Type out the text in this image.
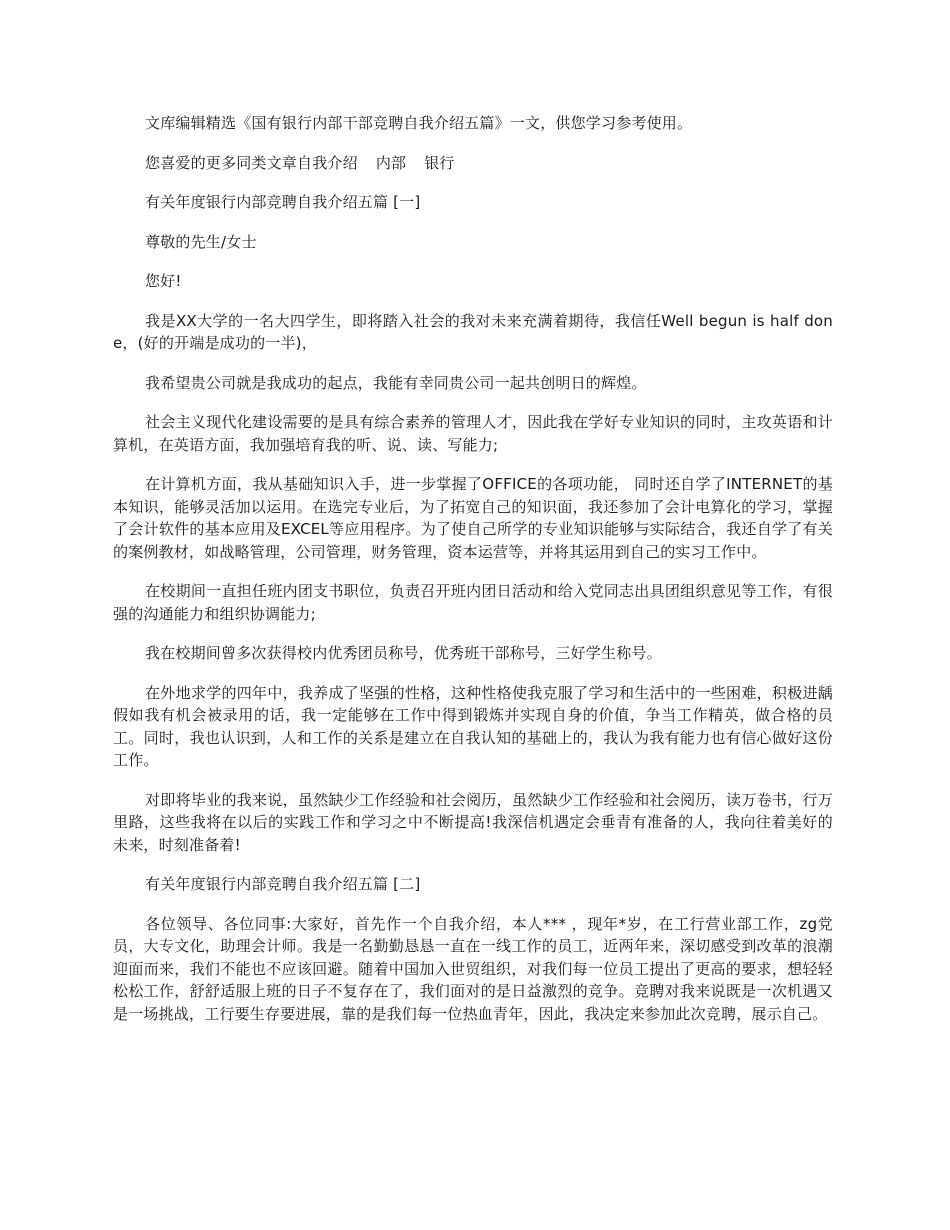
文库编辑精选《国有银行内部干部竞聘自我介绍五篇》一文，供您学习参考使用。

您喜爱的更多同类文章自我介绍 内部 银行

有关年度银行内部竞聘自我介绍五篇 [一]

尊敬的先生/女士

您好!

我是XX大学的一名大四学生，即将踏入社会的我对未来充满着期待，我信任Well begun is half done，(好的开端是成功的一半)，

我希望贵公司就是我成功的起点，我能有幸同贵公司一起共创明日的辉煌。

社会主义现代化建设需要的是具有综合素养的管理人才，因此我在学好专业知识的同时，主攻英语和计算机，在英语方面，我加强培育我的听、说、读、写能力;

在计算机方面，我从基础知识入手，进一步掌握了OFFICE的各项功能， 同时还自学了INTERNET的基本知识，能够灵活加以运用。在选完专业后，为了拓宽自己的知识面，我还参加了会计电算化的学习，掌握了会计软件的基本应用及EXCEL等应用程序。为了使自己所学的专业知识能够与实际结合，我还自学了有关的案例教材，如战略管理，公司管理，财务管理，资本运营等，并将其运用到自己的实习工作中。

在校期间一直担任班内团支书职位，负责召开班内团日活动和给入党同志出具团组织意见等工作，有很强的沟通能力和组织协调能力;

我在校期间曾多次获得校内优秀团员称号，优秀班干部称号，三好学生称号。

在外地求学的四年中，我养成了坚强的性格，这种性格使我克服了学习和生活中的一些困难，积极进龋假如我有机会被录用的话，我一定能够在工作中得到锻炼并实现自身的价值，争当工作精英，做合格的员工。同时，我也认识到，人和工作的关系是建立在自我认知的基础上的，我认为我有能力也有信心做好这份工作。

对即将毕业的我来说，虽然缺少工作经验和社会阅历，虽然缺少工作经验和社会阅历，读万卷书，行万里路，这些我将在以后的实践工作和学习之中不断提高!我深信机遇定会垂青有准备的人，我向往着美好的未来，时刻准备着!

有关年度银行内部竞聘自我介绍五篇 [二]

各位领导、各位同事:大家好，首先作一个自我介绍，本人*** ，现年*岁，在工行营业部工作，zg党员，大专文化，助理会计师。我是一名勤勤恳恳一直在一线工作的员工，近两年来，深切感受到改革的浪潮迎面而来，我们不能也不应该回避。随着中国加入世贸组织，对我们每一位员工提出了更高的要求，想轻轻松松工作，舒舒适服上班的日子不复存在了，我们面对的是日益激烈的竞争。竞聘对我来说既是一次机遇又是一场挑战，工行要生存要进展，靠的是我们每一位热血青年，因此，我决定来参加此次竞聘，展示自己。
